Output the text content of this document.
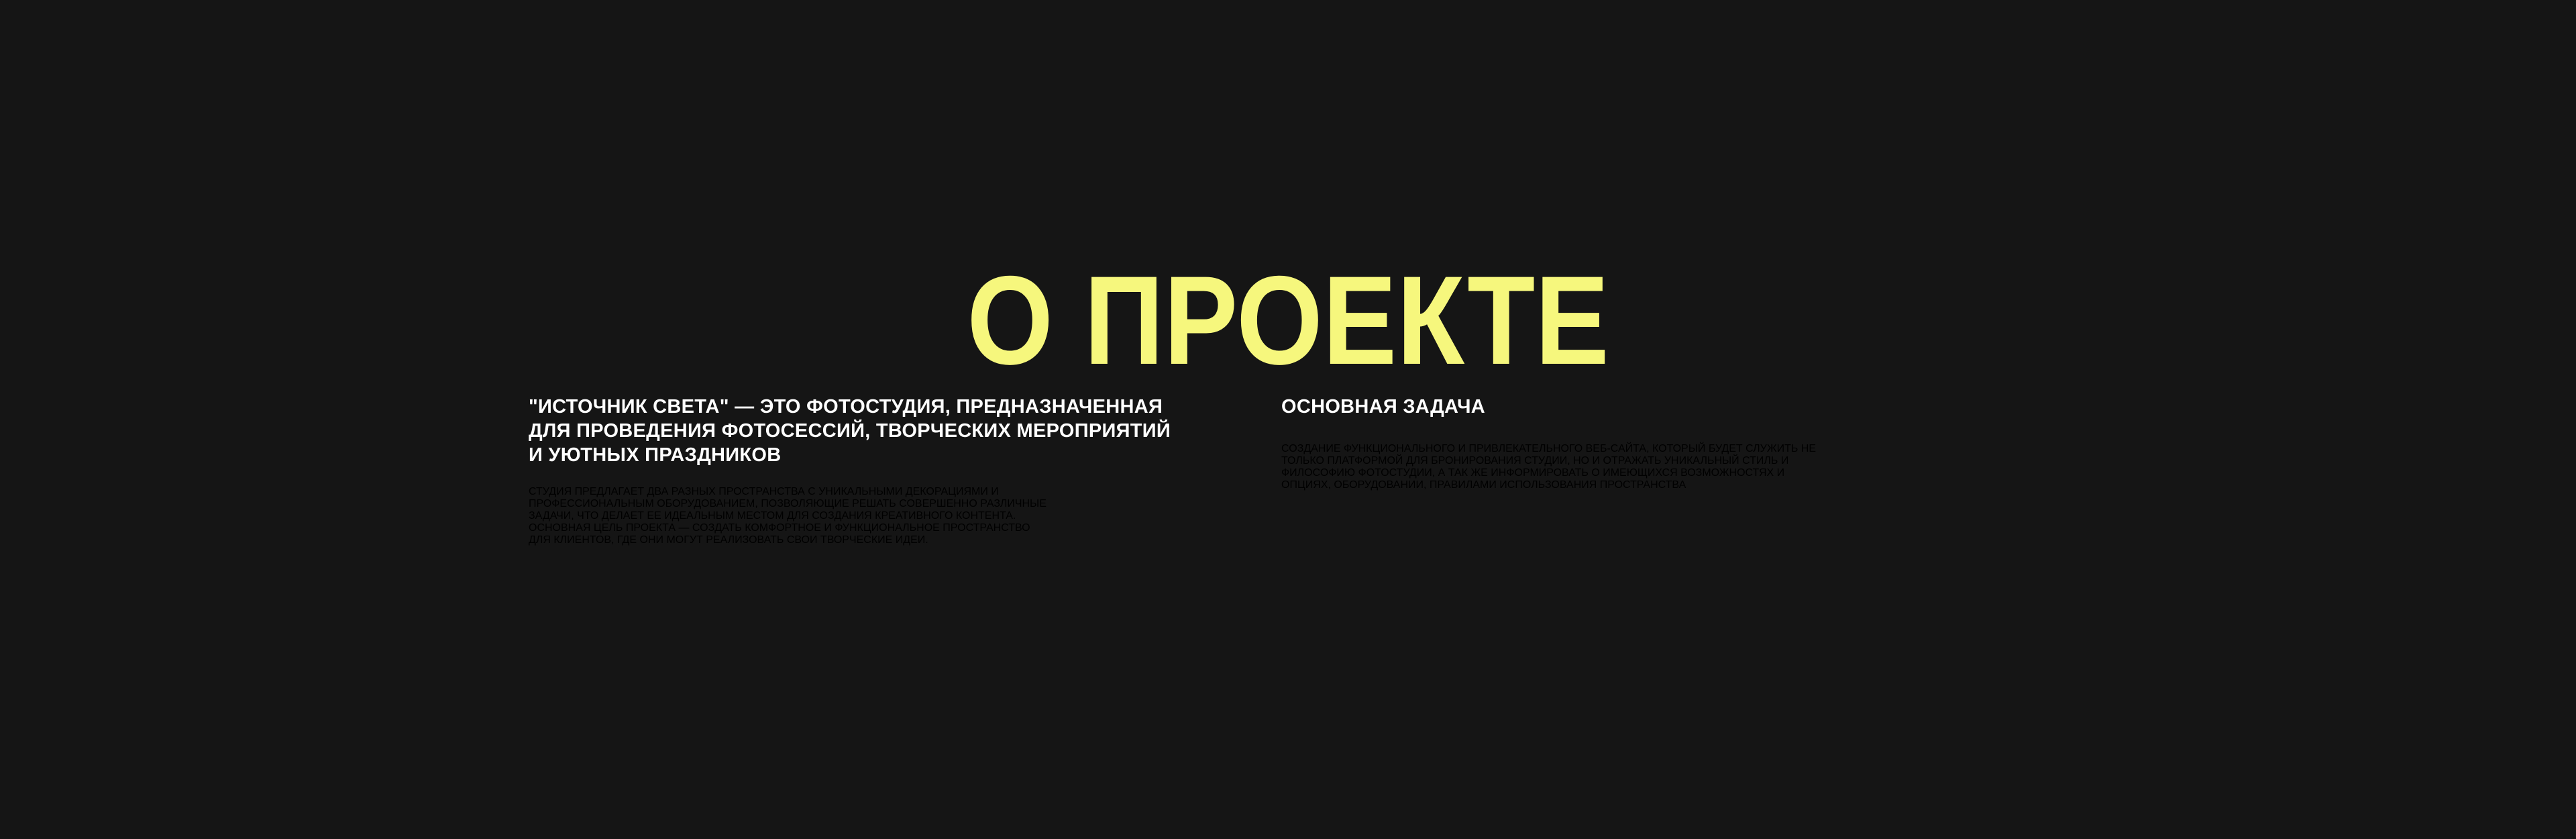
О ПРОЕКТЕ
"ИСТОЧНИК СВЕТА" — ЭТО ФОТОСТУДИЯ, ПРЕДНАЗНАЧЕННАЯ
ДЛЯ ПРОВЕДЕНИЯ ФОТОСЕССИЙ, ТВОРЧЕСКИХ МЕРОПРИЯТИЙ
И УЮТНЫХ ПРАЗДНИКОВ

СТУДИЯ ПРЕДЛАГАЕТ ДВА РАЗНЫХ ПРОСТРАНСТВА С УНИКАЛЬНЫМИ ДЕКОРАЦИЯМИ И
ПРОФЕССИОНАЛЬНЫМ ОБОРУДОВАНИЕМ, ПОЗВОЛЯЮЩИЕ РЕШАТЬ СОВЕРШЕННО РАЗЛИЧНЫЕ
ЗАДАЧИ, ЧТО ДЕЛАЕТ ЕЕ ИДЕАЛЬНЫМ МЕСТОМ ДЛЯ СОЗДАНИЯ КРЕАТИВНОГО КОНТЕНТА.
ОСНОВНАЯ ЦЕЛЬ ПРОЕКТА — СОЗДАТЬ КОМФОРТНОЕ И ФУНКЦИОНАЛЬНОЕ ПРОСТРАНСТВО
ДЛЯ КЛИЕНТОВ, ГДЕ ОНИ МОГУТ РЕАЛИЗОВАТЬ СВОИ ТВОРЧЕСКИЕ ИДЕИ.

ОСНОВНАЯ ЗАДАЧА

СОЗДАНИЕ ФУНКЦИОНАЛЬНОГО И ПРИВЛЕКАТЕЛЬНОГО ВЕБ-САЙТА, КОТОРЫЙ БУДЕТ СЛУЖИТЬ НЕ
ТОЛЬКО ПЛАТФОРМОЙ ДЛЯ БРОНИРОВАНИЯ СТУДИИ, НО И ОТРАЖАТЬ УНИКАЛЬНЫЙ СТИЛЬ И
ФИЛОСОФИЮ ФОТОСТУДИИ, А ТАК ЖЕ ИНФОРМИРОВАТЬ О ИМЕЮЩИХСЯ ВОЗМОЖНОСТЯХ И
ОПЦИЯХ, ОБОРУДОВАНИИ, ПРАВИЛАМИ ИСПОЛЬЗОВАНИЯ ПРОСТРАНСТВА
